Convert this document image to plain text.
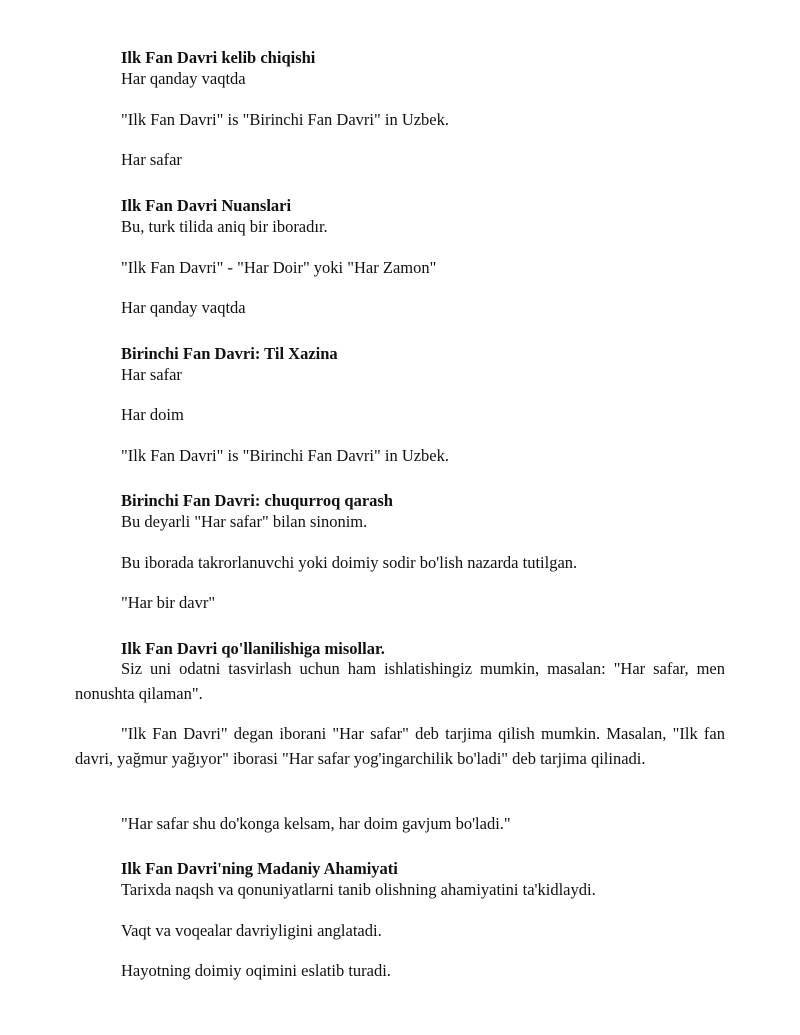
Ilk Fan Davri kelib chiqishi
Har qanday vaqtda
"Ilk Fan Davri" is "Birinchi Fan Davri" in Uzbek.
Har safar
Ilk Fan Davri Nuanslari
Bu, turk tilida aniq bir iboradır.
"Ilk Fan Davri" - "Har Doir" yoki "Har Zamon"
Har qanday vaqtda
Birinchi Fan Davri: Til Xazina
Har safar
Har doim
"Ilk Fan Davri" is "Birinchi Fan Davri" in Uzbek.
Birinchi Fan Davri: chuqurroq qarash
Bu deyarli "Har safar" bilan sinonim.
Bu iborada takrorlanuvchi yoki doimiy sodir bo'lish nazarda tutilgan.
"Har bir davr"
Ilk Fan Davri qo'llanilishiga misollar.

Siz uni odatni tasvirlash uchun ham ishlatishingiz mumkin, masalan: "Har safar, men nonushta qilaman".

"Ilk Fan Davri" degan iborani "Har safar" deb tarjima qilish mumkin. Masalan, "Ilk fan davri, yağmur yağıyor" iborasi "Har safar yog'ingarchilik bo'ladi" deb tarjima qilinadi.

"Har safar shu do'konga kelsam, har doim gavjum bo'ladi."
Ilk Fan Davri'ning Madaniy Ahamiyati
Tarixda naqsh va qonuniyatlarni tanib olishning ahamiyatini ta'kidlaydi.
Vaqt va voqealar davriyligini anglatadi.
Hayotning doimiy oqimini eslatib turadi.
